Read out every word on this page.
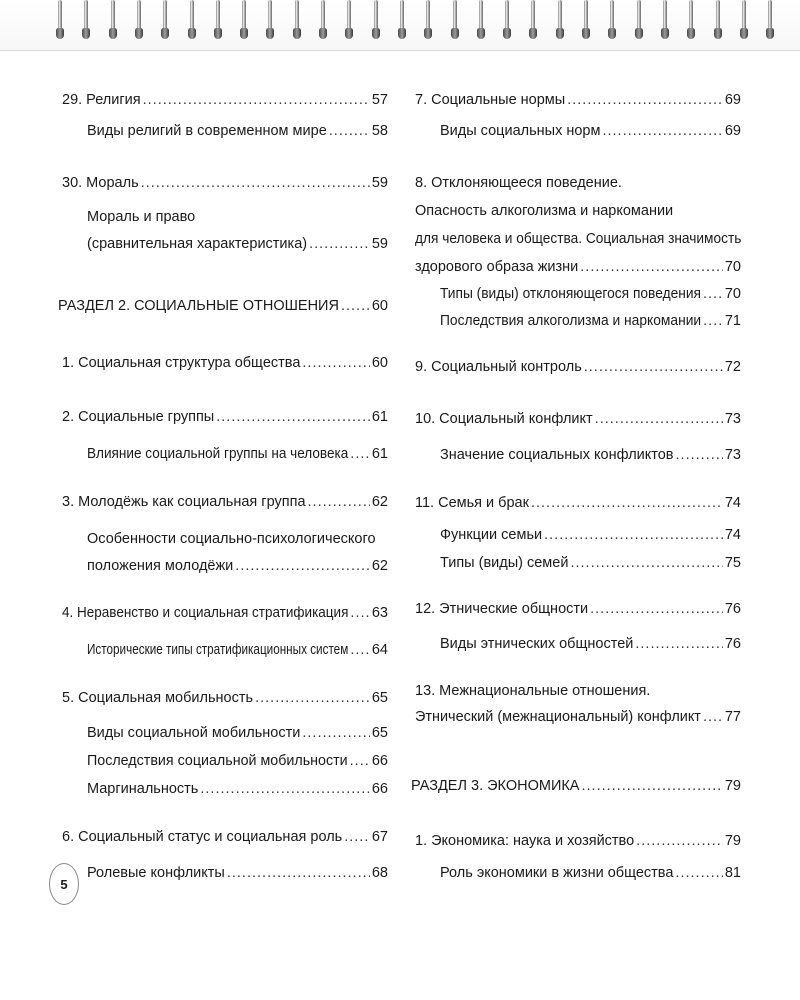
29. Религия .....	57
Виды религий в современном мире .....	58
30. Мораль .....	59
Мораль и право
(сравнительная характеристика) .....	59
РАЗДЕЛ 2. СОЦИАЛЬНЫЕ ОТНОШЕНИЯ ..... 60
1. Социальная структура общества .....	60
2. Социальные группы .....	61
Влияние социальной группы на человека ..... 61
3. Молодёжь как социальная группа .....	62
Особенности социально-психологического
положения молодёжи .....	62
4. Неравенство и социальная стратификация ..... 63
Исторические типы стратификационных систем ..... 64
5. Социальная мобильность .....	65
Виды социальной мобильности .....	65
Последствия социальной мобильности ..... 66
Маргинальность .....	66
6. Социальный статус и социальная роль ..... 67
Ролевые конфликты .....	68
7. Социальные нормы .....	69
Виды социальных норм .....	69
8. Отклоняющееся поведение.
Опасность алкоголизма и наркомании
для человека и общества. Социальная значимость
здорового образа жизни .....	70
Типы (виды) отклоняющегося поведения ..... 70
Последствия алкоголизма и наркомании ..... 71
9. Социальный контроль .....	72
10. Социальный конфликт .....	73
Значение социальных конфликтов .....	73
11. Семья и брак .....	74
Функции семьи .....	74
Типы (виды) семей .....	75
12. Этнические общности .....	76
Виды этнических общностей .....	76
13. Межнациональные отношения.
Этнический (межнациональный) конфликт ..... 77
РАЗДЕЛ 3. ЭКОНОМИКА .....	79
1. Экономика: наука и хозяйство .....	79
Роль экономики в жизни общества .....	81
5
